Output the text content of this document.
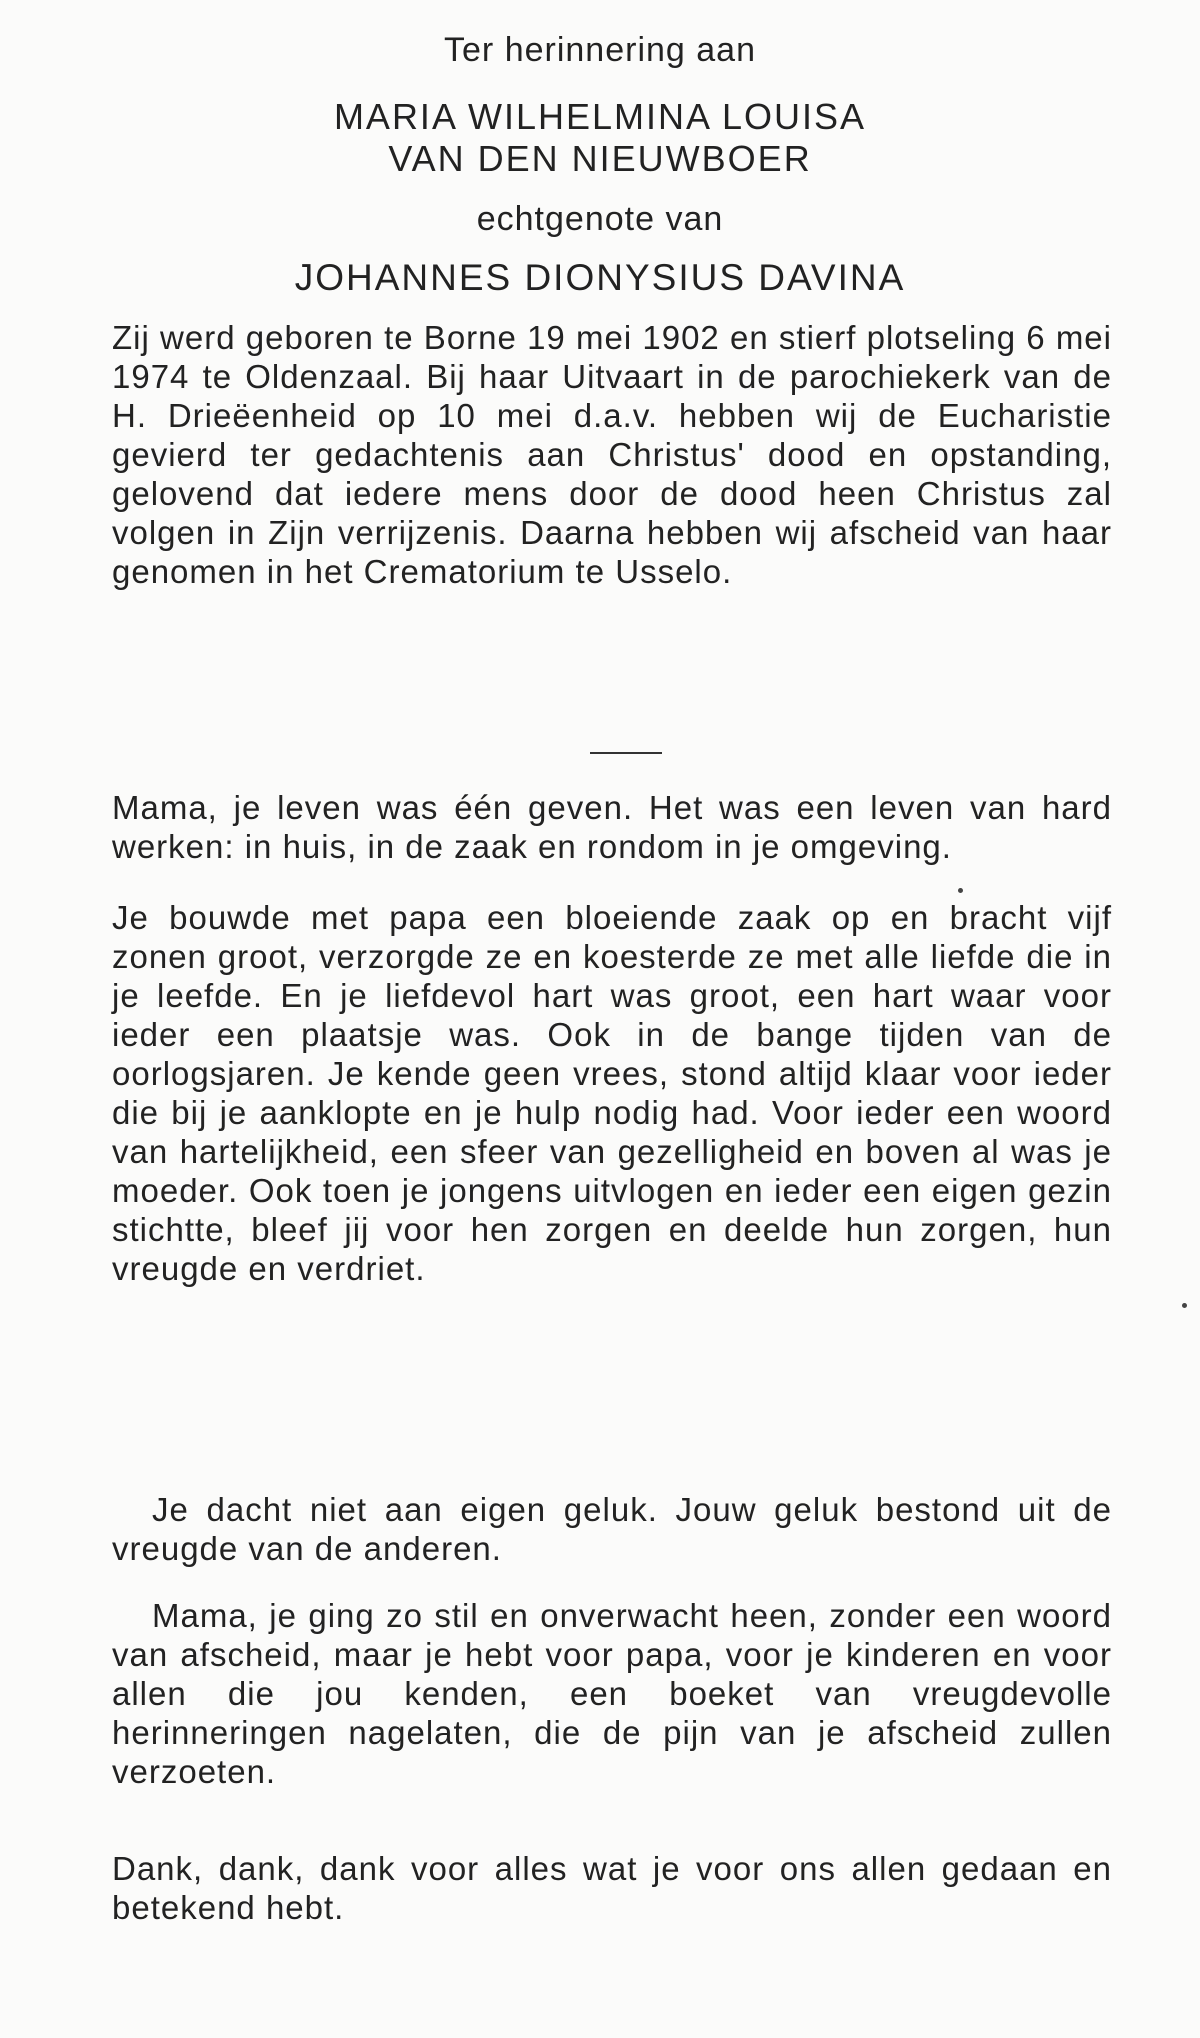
Ter herinnering aan
MARIA WILHELMINA LOUISA
VAN DEN NIEUWBOER
echtgenote van
JOHANNES DIONYSIUS DAVINA
Zij werd geboren te Borne 19 mei 1902 en stierf plotseling 6 mei 1974 te Oldenzaal. Bij haar Uitvaart in de parochiekerk van de H. Drieëenheid op 10 mei d.a.v. hebben wij de Eucharistie gevierd ter gedachtenis aan Christus' dood en opstanding, gelovend dat iedere mens door de dood heen Christus zal volgen in Zijn verrijzenis. Daarna hebben wij afscheid van haar genomen in het Crematorium te Usselo.
Mama, je leven was één geven. Het was een leven van hard werken: in huis, in de zaak en rondom in je omgeving.
Je bouwde met papa een bloeiende zaak op en bracht vijf zonen groot, verzorgde ze en koesterde ze met alle liefde die in je leefde. En je liefdevol hart was groot, een hart waar voor ieder een plaatsje was. Ook in de bange tijden van de oorlogsjaren. Je kende geen vrees, stond altijd klaar voor ieder die bij je aanklopte en je hulp nodig had. Voor ieder een woord van hartelijkheid, een sfeer van gezelligheid en boven al was je moeder. Ook toen je jongens uitvlogen en ieder een eigen gezin stichtte, bleef jij voor hen zorgen en deelde hun zorgen, hun vreugde en verdriet.
Je dacht niet aan eigen geluk. Jouw geluk bestond uit de vreugde van de anderen.
Mama, je ging zo stil en onverwacht heen, zonder een woord van afscheid, maar je hebt voor papa, voor je kinderen en voor allen die jou kenden, een boeket van vreugdevolle herinneringen nagelaten, die de pijn van je afscheid zullen verzoeten.
Dank, dank, dank voor alles wat je voor ons allen gedaan en betekend hebt.
